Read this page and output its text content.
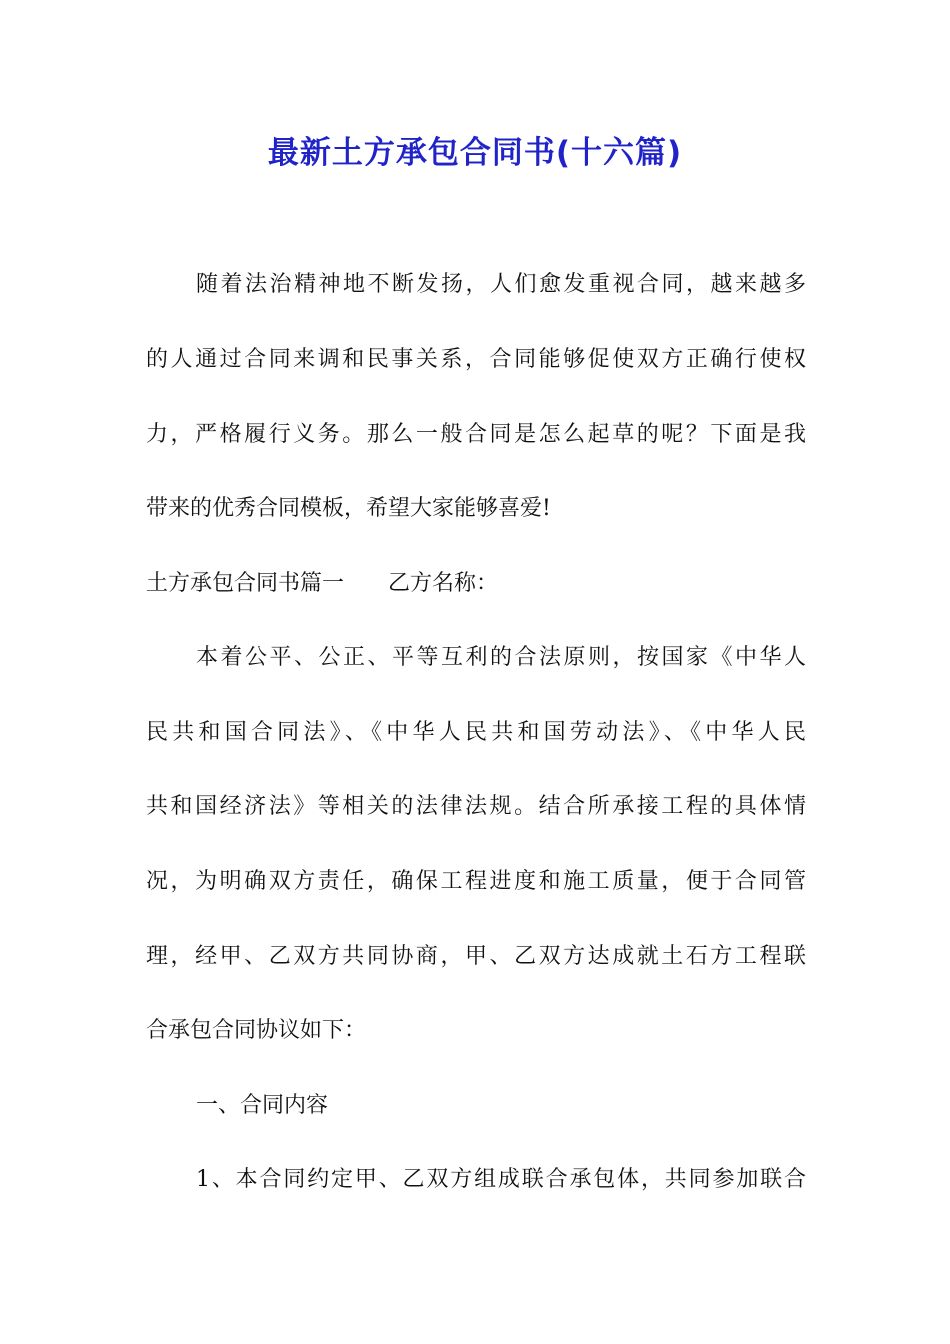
最新土方承包合同书(十六篇)
随着法治精神地不断发扬，人们愈发重视合同，越来越多
的人通过合同来调和民事关系，合同能够促使双方正确行使权
力，严格履行义务。那么一般合同是怎么起草的呢？下面是我
带来的优秀合同模板，希望大家能够喜爱!
土方承包合同书篇一　　乙方名称：
本着公平、公正、平等互利的合法原则，按国家《中华人
民共和国合同法》、《中华人民共和国劳动法》、《中华人民
共和国经济法》等相关的法律法规。结合所承接工程的具体情
况，为明确双方责任，确保工程进度和施工质量，便于合同管
理，经甲、乙双方共同协商，甲、乙双方达成就土石方工程联
合承包合同协议如下：
一、合同内容
1、本合同约定甲、乙双方组成联合承包体，共同参加联合
